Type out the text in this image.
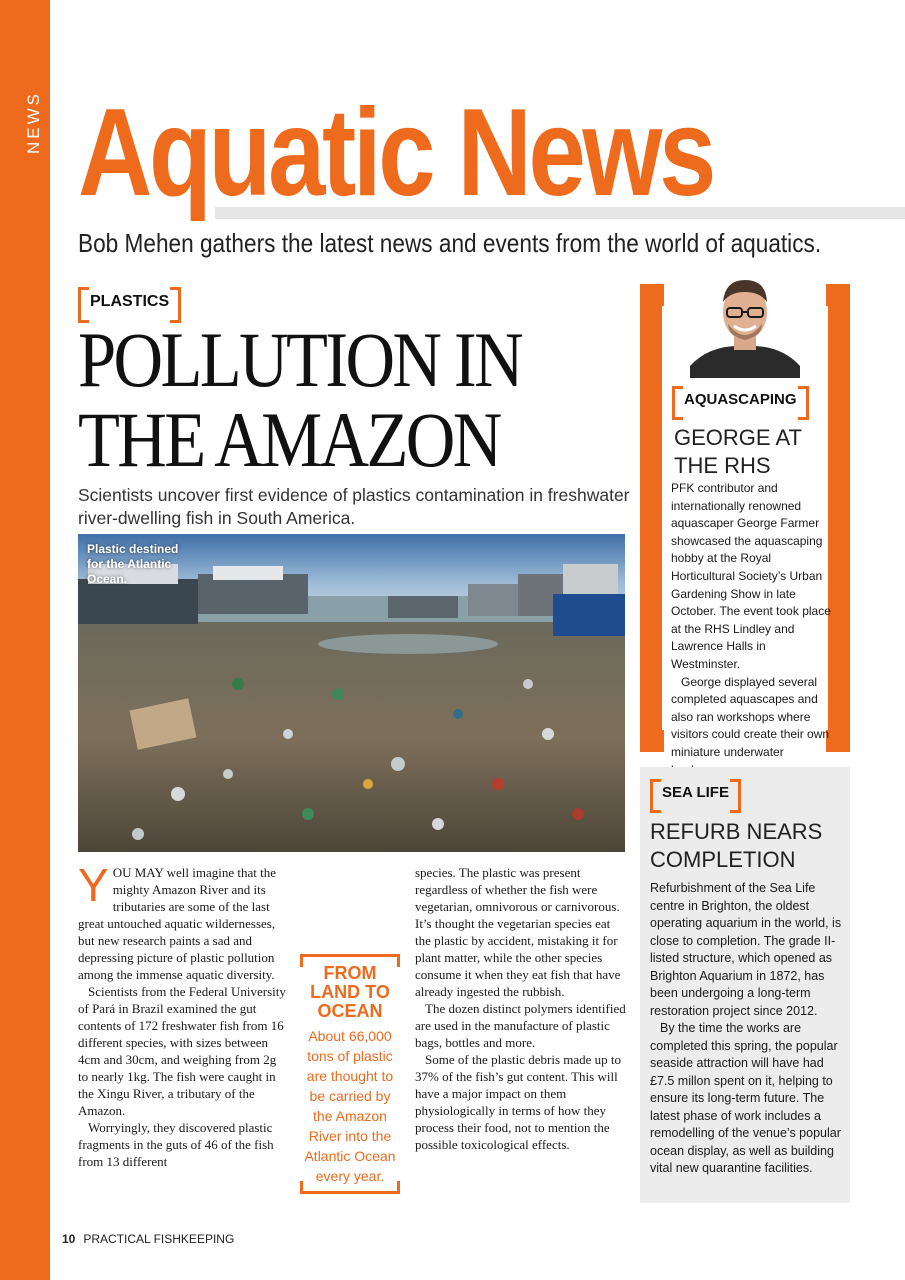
NEWS Aquatic News
Bob Mehen gathers the latest news and events from the world of aquatics.
PLASTICS
POLLUTION IN
THE AMAZON
Scientists uncover first evidence of plastics contamination in freshwater river-dwelling fish in South America.
Plastic destined for the Atlantic Ocean.

YOU MAY well imagine that the mighty Amazon River and its tributaries are some of the last great untouched aquatic wildernesses, but new research paints a sad and depressing picture of plastic pollution among the immense aquatic diversity.

Scientists from the Federal University of Pará in Brazil examined the gut contents of 172 freshwater fish from 16 different species, with sizes between 4cm and 30cm, and weighing from 2g to nearly 1kg. The fish were caught in the Xingu River, a tributary of the Amazon.

Worryingly, they discovered plastic fragments in the guts of 46 of the fish from 13 different

FROM LAND TO OCEAN
About 66,000 tons of plastic are thought to be carried by the Amazon River into the Atlantic Ocean every year.

species. The plastic was present regardless of whether the fish were vegetarian, omnivorous or carnivorous. It’s thought the vegetarian species eat the plastic by accident, mistaking it for plant matter, while the other species consume it when they eat fish that have already ingested the rubbish.

The dozen distinct polymers identified are used in the manufacture of plastic bags, bottles and more.

Some of the plastic debris made up to 37% of the fish’s gut content. This will have a major impact on them physiologically in terms of how they process their food, not to mention the possible toxicological effects.

AQUASCAPING
GEORGE AT
THE RHS
PFK contributor and internationally renowned aquascaper George Farmer showcased the aquascaping hobby at the Royal Horticultural Society’s Urban Gardening Show in late October. The event took place at the RHS Lindley and Lawrence Halls in Westminster.
George displayed several completed aquascapes and also ran workshops where visitors could create their own miniature underwater
SEA LIFE
REFURB NEARS
COMPLETION

Refurbishment of the Sea Life centre in Brighton, the oldest operating aquarium in the world, is close to completion. The grade II-listed structure, which opened as Brighton Aquarium in 1872, has been undergoing a long-term restoration project since 2012.

By the time the works are completed this spring, the popular seaside attraction will have had £7.5 millon spent on it, helping to ensure its long-term future. The latest phase of work includes a remodelling of the venue’s popular ocean display, as well as building vital new quarantine facilities.

10 PRACTICAL FISHKEEPING
